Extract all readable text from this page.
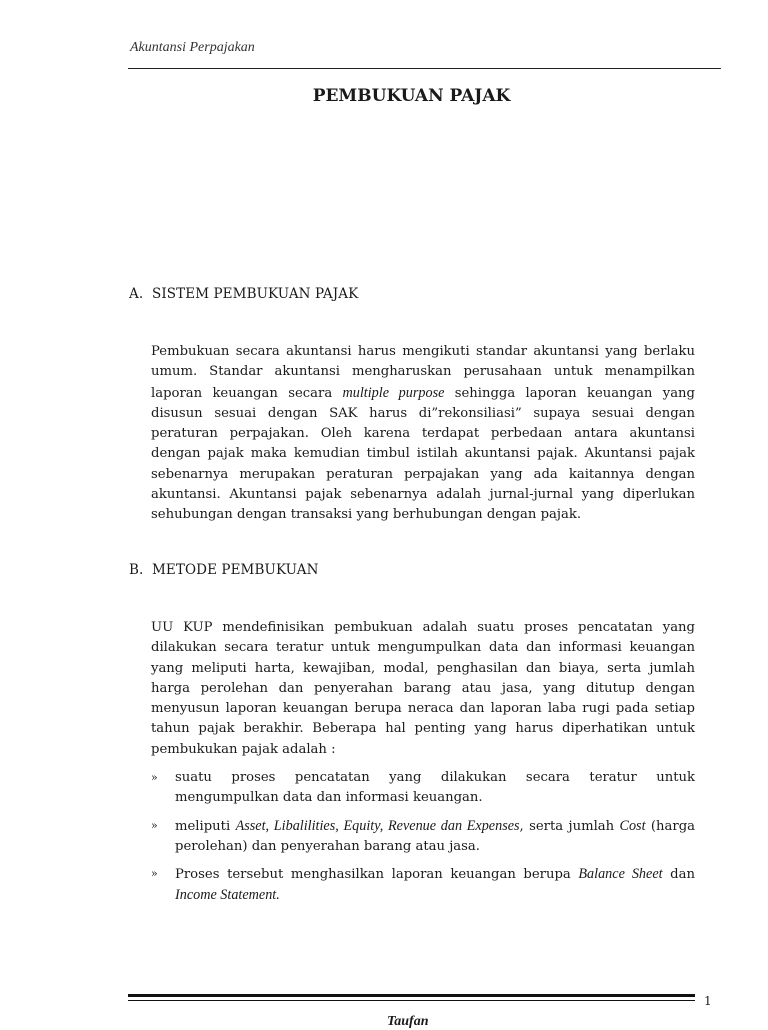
Akuntansi Perpajakan
PEMBUKUAN PAJAK
A. SISTEM PEMBUKUAN PAJAK

Pembukuan secara akuntansi harus mengikuti standar akuntansi yang berlaku umum. Standar akuntansi mengharuskan perusahaan untuk menampilkan laporan keuangan secara multiple purpose sehingga laporan keuangan yang disusun sesuai dengan SAK harus di”rekonsiliasi” supaya sesuai dengan peraturan perpajakan. Oleh karena terdapat perbedaan antara akuntansi dengan pajak maka kemudian timbul istilah akuntansi pajak. Akuntansi pajak sebenarnya merupakan peraturan perpajakan yang ada kaitannya dengan akuntansi. Akuntansi pajak sebenarnya adalah jurnal-jurnal yang diperlukan sehubungan dengan transaksi yang berhubungan dengan pajak.

B. METODE PEMBUKUAN

UU KUP mendefinisikan pembukuan adalah suatu proses pencatatan yang dilakukan secara teratur untuk mengumpulkan data dan informasi keuangan yang meliputi harta, kewajiban, modal, penghasilan dan biaya, serta jumlah harga perolehan dan penyerahan barang atau jasa, yang ditutup dengan menyusun laporan keuangan berupa neraca dan laporan laba rugi pada setiap tahun pajak berakhir. Beberapa hal penting yang harus diperhatikan untuk pembukukan pajak adalah :

» suatu proses pencatatan yang dilakukan secara teratur untuk mengumpulkan data dan informasi keuangan.
» meliputi Asset, Libalilities, Equity, Revenue dan Expenses, serta jumlah Cost (harga perolehan) dan penyerahan barang atau jasa.
» Proses tersebut menghasilkan laporan keuangan berupa Balance Sheet dan Income Statement.
1
Taufan
